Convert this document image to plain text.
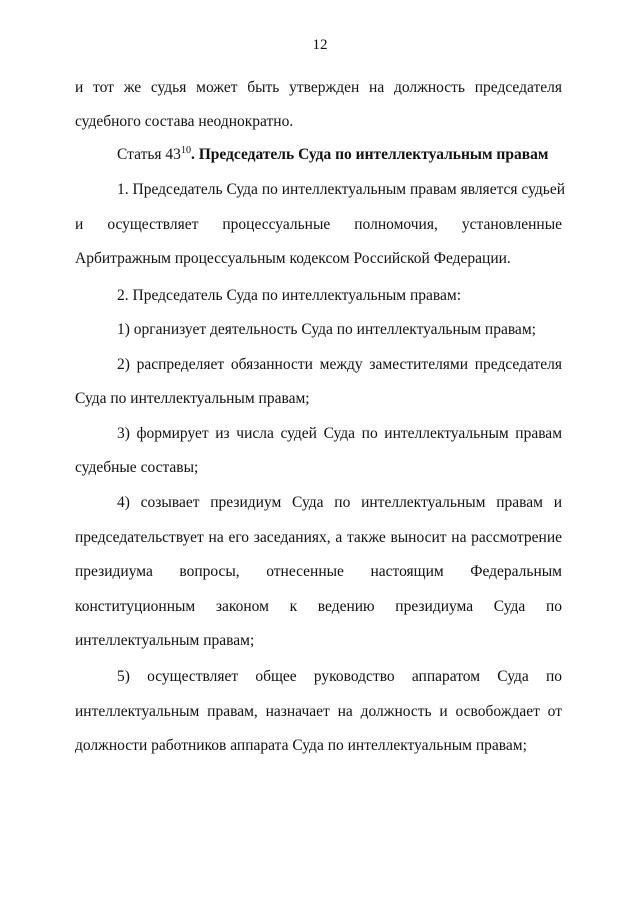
12
и тот же судья может быть утвержден на должность председателя
судебного состава неоднократно.
Статья $43^{10}$. Председатель Суда по интеллектуальным правам
1. Председатель Суда по интеллектуальным правам является судьей
и осуществляет процессуальные полномочия, установленные
Арбитражным процессуальным кодексом Российской Федерации.
2. Председатель Суда по интеллектуальным правам:
1) организует деятельность Суда по интеллектуальным правам;
2) распределяет обязанности между заместителями председателя
Суда по интеллектуальным правам;
3) формирует из числа судей Суда по интеллектуальным правам
судебные составы;
4) созывает президиум Суда по интеллектуальным правам и
председательствует на его заседаниях, а также выносит на рассмотрение
президиума вопросы, отнесенные настоящим Федеральным
конституционным законом к ведению президиума Суда по
интеллектуальным правам;
5) осуществляет общее руководство аппаратом Суда по
интеллектуальным правам, назначает на должность и освобождает от
должности работников аппарата Суда по интеллектуальным правам;
